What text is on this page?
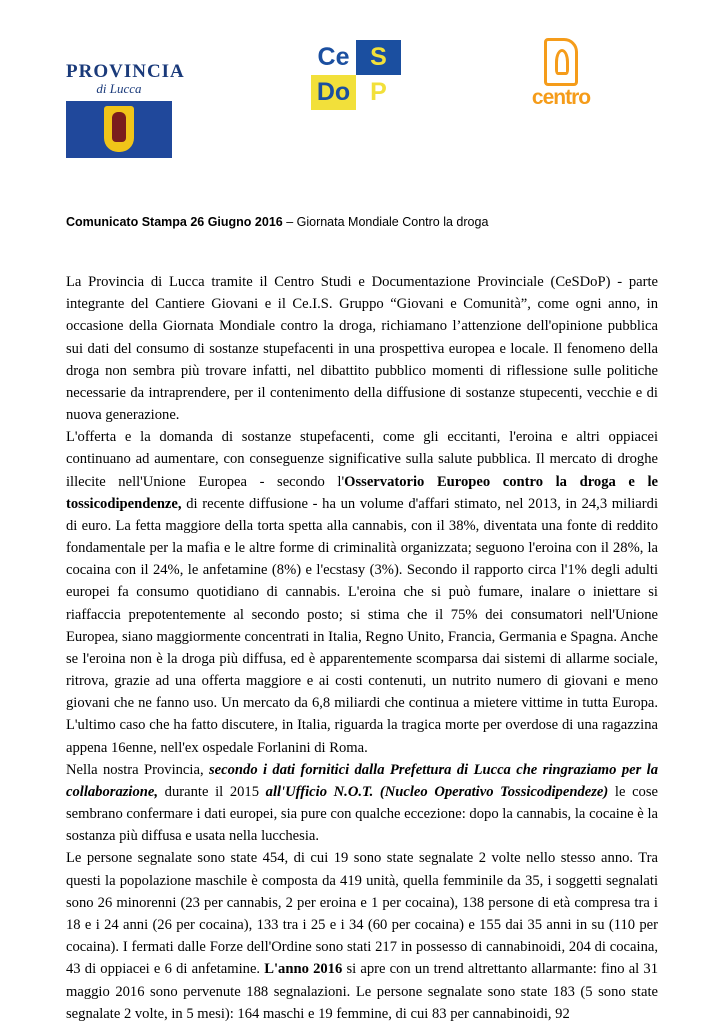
PROVINCIA
di Lucca
Ce S
Do P	centro
Comunicato Stampa 26 Giugno 2016 – Giornata Mondiale Contro la droga

La Provincia di Lucca tramite il Centro Studi e Documentazione Provinciale (CeSDoP) - parte integrante del Cantiere Giovani e il Ce.I.S. Gruppo “Giovani e Comunità”, come ogni anno, in occasione della Giornata Mondiale contro la droga, richiamano l’attenzione dell'opinione pubblica sui dati del consumo di sostanze stupefacenti in una prospettiva europea e locale. Il fenomeno della droga non sembra più trovare infatti, nel dibattito pubblico momenti di riflessione sulle politiche necessarie da intraprendere, per il contenimento della diffusione di sostanze stupecenti, vecchie e di nuova generazione.

L'offerta e la domanda di sostanze stupefacenti, come gli eccitanti, l'eroina e altri oppiacei continuano ad aumentare, con conseguenze significative sulla salute pubblica. Il mercato di droghe illecite nell'Unione Europea - secondo l'Osservatorio Europeo contro la droga e le tossicodipendenze, di recente diffusione - ha un volume d'affari stimato, nel 2013, in 24,3 miliardi di euro. La fetta maggiore della torta spetta alla cannabis, con il 38%, diventata una fonte di reddito fondamentale per la mafia e le altre forme di criminalità organizzata; seguono l'eroina con il 28%, la cocaina con il 24%, le anfetamine (8%) e l'ecstasy (3%). Secondo il rapporto circa l'1% degli adulti europei fa consumo quotidiano di cannabis. L'eroina che si può fumare, inalare o iniettare si riaffaccia prepotentemente al secondo posto; si stima che il 75% dei consumatori nell'Unione Europea, siano maggiormente concentrati in Italia, Regno Unito, Francia, Germania e Spagna. Anche se l'eroina non è la droga più diffusa, ed è apparentemente scomparsa dai sistemi di allarme sociale, ritrova, grazie ad una offerta maggiore e ai costi contenuti, un nutrito numero di giovani e meno giovani che ne fanno uso. Un mercato da 6,8 miliardi che continua a mietere vittime in tutta Europa. L'ultimo caso che ha fatto discutere, in Italia, riguarda la tragica morte per overdose di una ragazzina appena 16enne, nell'ex ospedale Forlanini di Roma.

Nella nostra Provincia, secondo i dati fornitici dalla Prefettura di Lucca che ringraziamo per la collaborazione, durante il 2015 all'Ufficio N.O.T. (Nucleo Operativo Tossicodipendeze) le cose sembrano confermare i dati europei, sia pure con qualche eccezione: dopo la cannabis, la cocaine è la sostanza più diffusa e usata nella lucchesia.

Le persone segnalate sono state 454, di cui 19 sono state segnalate 2 volte nello stesso anno. Tra questi la popolazione maschile è composta da 419 unità, quella femminile da 35, i soggetti segnalati sono 26 minorenni (23 per cannabis, 2 per eroina e 1 per cocaina), 138 persone di età compresa tra i 18 e i 24 anni (26 per cocaina), 133 tra i 25 e i 34 (60 per cocaina) e 155 dai 35 anni in su (110 per cocaina). I fermati dalle Forze dell'Ordine sono stati 217 in possesso di cannabinoidi, 204 di cocaina, 43 di oppiacei e 6 di anfetamine. L'anno 2016 si apre con un trend altrettanto allarmante: fino al 31 maggio 2016 sono pervenute 188 segnalazioni. Le persone segnalate sono state 183 (5 sono state segnalate 2 volte, in 5 mesi): 164 maschi e 19 femmine, di cui 83 per cannabinoidi, 92
